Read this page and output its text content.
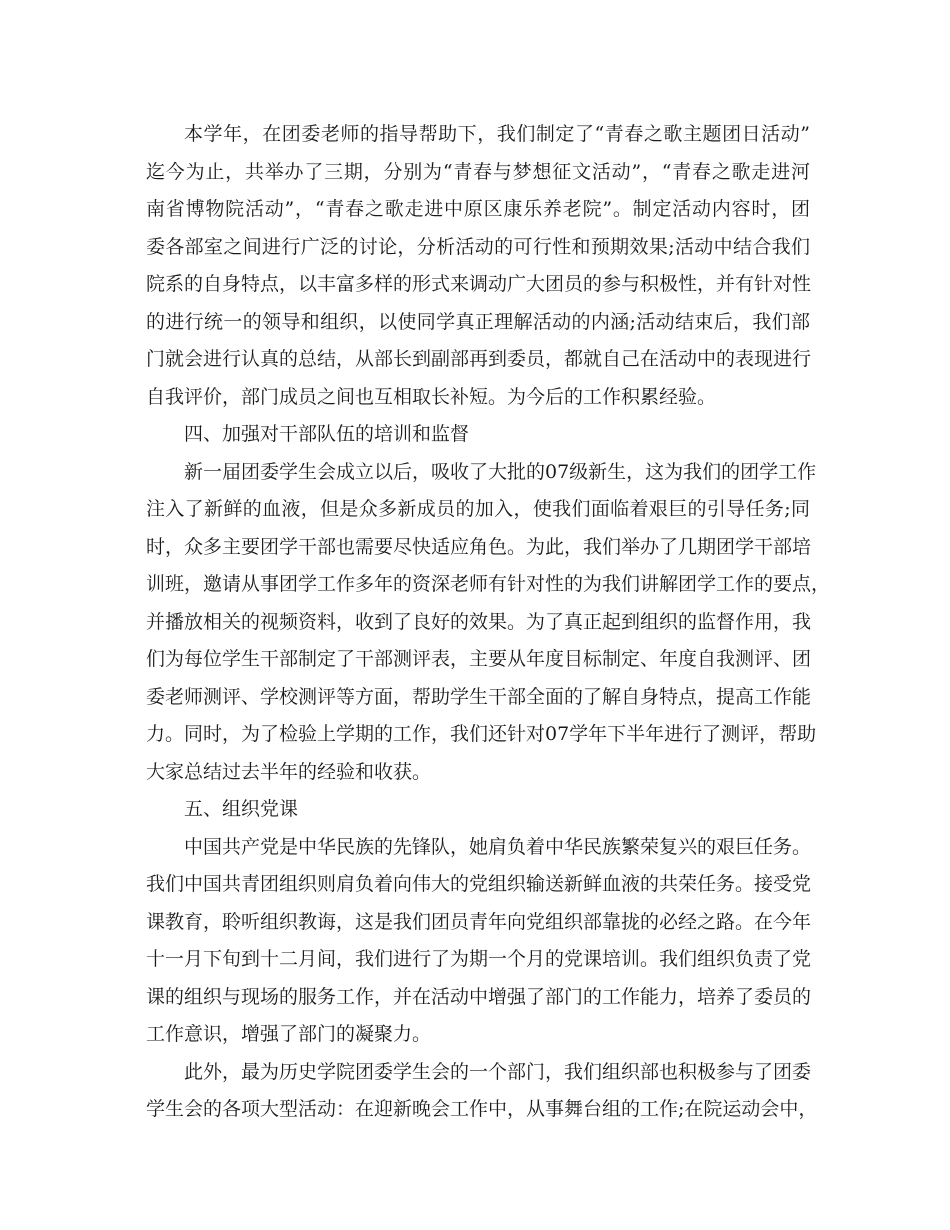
本学年，在团委老师的指导帮助下，我们制定了“青春之歌主题团日活动”
迄今为止，共举办了三期，分别为“青春与梦想征文活动”，“青春之歌走进河
南省博物院活动”，“青春之歌走进中原区康乐养老院”。制定活动内容时，团
委各部室之间进行广泛的讨论，分析活动的可行性和预期效果;活动中结合我们
院系的自身特点，以丰富多样的形式来调动广大团员的参与积极性，并有针对性
的进行统一的领导和组织，以使同学真正理解活动的内涵;活动结束后，我们部
门就会进行认真的总结，从部长到副部再到委员，都就自己在活动中的表现进行
自我评价，部门成员之间也互相取长补短。为今后的工作积累经验。
四、加强对干部队伍的培训和监督
新一届团委学生会成立以后，吸收了大批的07级新生，这为我们的团学工作
注入了新鲜的血液，但是众多新成员的加入，使我们面临着艰巨的引导任务;同
时，众多主要团学干部也需要尽快适应角色。为此，我们举办了几期团学干部培
训班，邀请从事团学工作多年的资深老师有针对性的为我们讲解团学工作的要点，
并播放相关的视频资料，收到了良好的效果。为了真正起到组织的监督作用，我
们为每位学生干部制定了干部测评表，主要从年度目标制定、年度自我测评、团
委老师测评、学校测评等方面，帮助学生干部全面的了解自身特点，提高工作能
力。同时，为了检验上学期的工作，我们还针对07学年下半年进行了测评，帮助
大家总结过去半年的经验和收获。
五、组织党课
中国共产党是中华民族的先锋队，她肩负着中华民族繁荣复兴的艰巨任务。
我们中国共青团组织则肩负着向伟大的党组织输送新鲜血液的共荣任务。接受党
课教育，聆听组织教诲，这是我们团员青年向党组织部靠拢的必经之路。在今年
十一月下旬到十二月间，我们进行了为期一个月的党课培训。我们组织负责了党
课的组织与现场的服务工作，并在活动中增强了部门的工作能力，培养了委员的
工作意识，增强了部门的凝聚力。
此外，最为历史学院团委学生会的一个部门，我们组织部也积极参与了团委
学生会的各项大型活动：在迎新晚会工作中，从事舞台组的工作;在院运动会中，
